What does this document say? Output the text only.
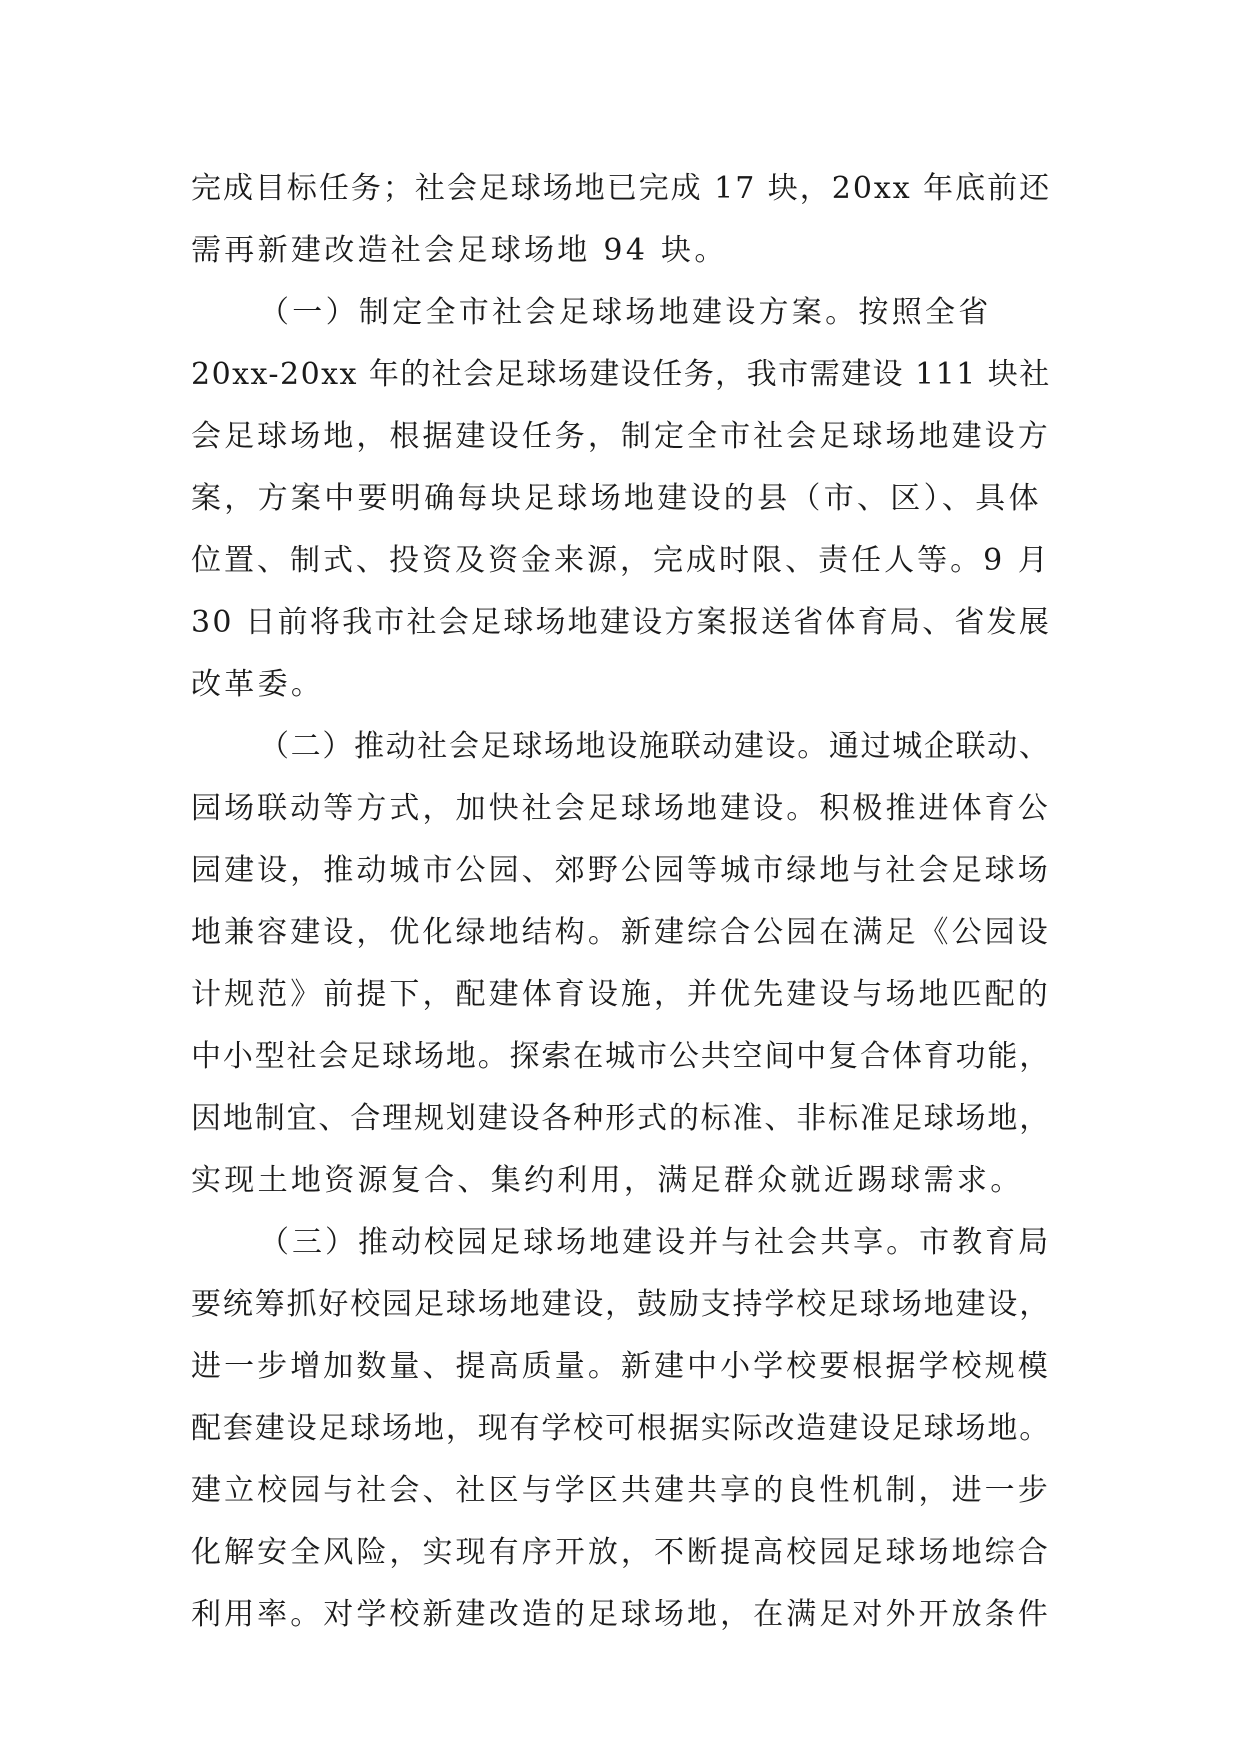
完成目标任务；社会足球场地已完成 17 块，20xx 年底前还
需再新建改造社会足球场地 94 块。
（一）制定全市社会足球场地建设方案。按照全省
20xx-20xx 年的社会足球场建设任务，我市需建设 111 块社
会足球场地，根据建设任务，制定全市社会足球场地建设方
案，方案中要明确每块足球场地建设的县（市、区）、具体
位置、制式、投资及资金来源，完成时限、责任人等。9 月
30 日前将我市社会足球场地建设方案报送省体育局、省发展
改革委。
（二）推动社会足球场地设施联动建设。通过城企联动、
园场联动等方式，加快社会足球场地建设。积极推进体育公
园建设，推动城市公园、郊野公园等城市绿地与社会足球场
地兼容建设，优化绿地结构。新建综合公园在满足《公园设
计规范》前提下，配建体育设施，并优先建设与场地匹配的
中小型社会足球场地。探索在城市公共空间中复合体育功能，
因地制宜、合理规划建设各种形式的标准、非标准足球场地，
实现土地资源复合、集约利用，满足群众就近踢球需求。
（三）推动校园足球场地建设并与社会共享。市教育局
要统筹抓好校园足球场地建设，鼓励支持学校足球场地建设，
进一步增加数量、提高质量。新建中小学校要根据学校规模
配套建设足球场地，现有学校可根据实际改造建设足球场地。
建立校园与社会、社区与学区共建共享的良性机制，进一步
化解安全风险，实现有序开放，不断提高校园足球场地综合
利用率。对学校新建改造的足球场地，在满足对外开放条件
